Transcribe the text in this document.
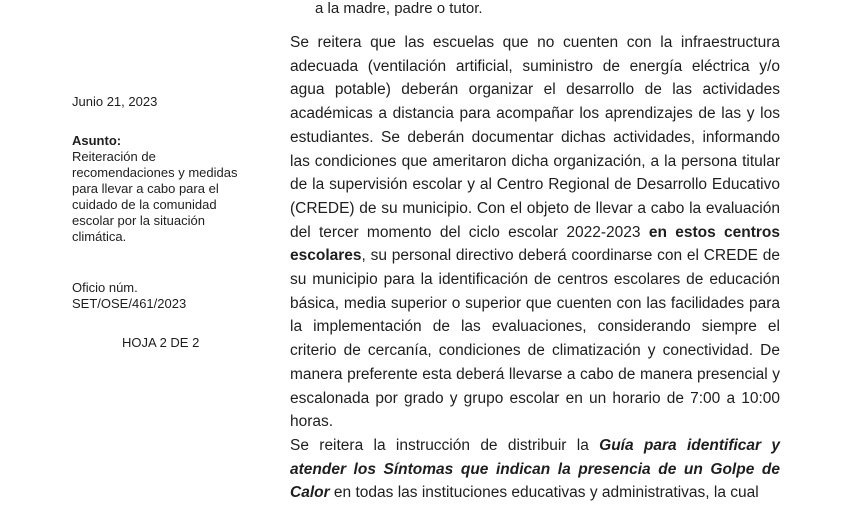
a la madre, padre o tutor.
Junio 21, 2023
Asunto:
Reiteración de recomendaciones y medidas para llevar a cabo para el cuidado de la comunidad escolar por la situación climática.
Oficio núm.
SET/OSE/461/2023
HOJA 2 DE 2
Se reitera que las escuelas que no cuenten con la infraestructura adecuada (ventilación artificial, suministro de energía eléctrica y/o agua potable) deberán organizar el desarrollo de las actividades académicas a distancia para acompañar los aprendizajes de las y los estudiantes. Se deberán documentar dichas actividades, informando las condiciones que ameritaron dicha organización, a la persona titular de la supervisión escolar y al Centro Regional de Desarrollo Educativo (CREDE) de su municipio. Con el objeto de llevar a cabo la evaluación del tercer momento del ciclo escolar 2022-2023 en estos centros escolares, su personal directivo deberá coordinarse con el CREDE de su municipio para la identificación de centros escolares de educación básica, media superior o superior que cuenten con las facilidades para la implementación de las evaluaciones, considerando siempre el criterio de cercanía, condiciones de climatización y conectividad. De manera preferente esta deberá llevarse a cabo de manera presencial y escalonada por grado y grupo escolar en un horario de 7:00 a 10:00 horas.
Se reitera la instrucción de distribuir la Guía para identificar y atender los Síntomas que indican la presencia de un Golpe de Calor en todas las instituciones educativas y administrativas, la cual
